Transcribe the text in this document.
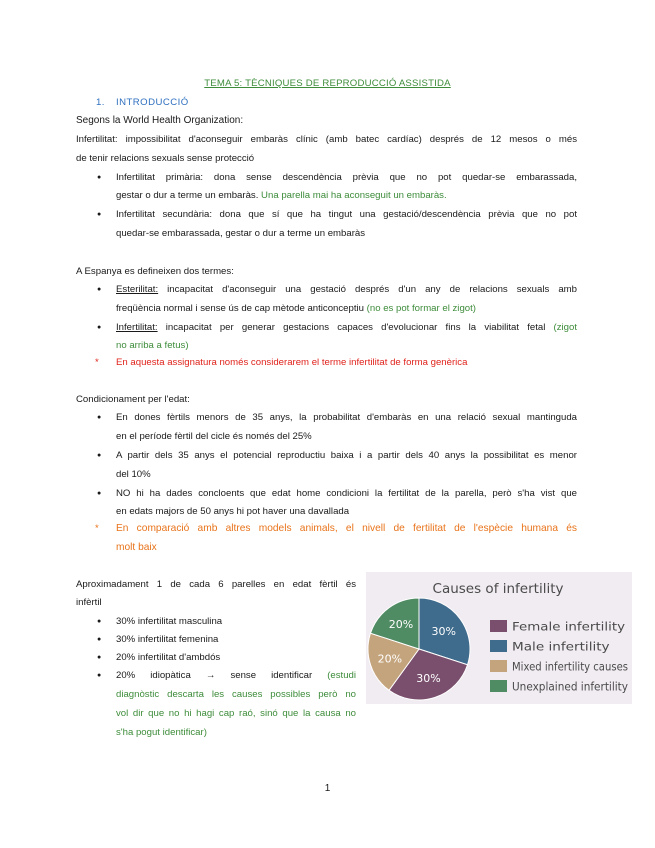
TEMA 5: TÈCNIQUES DE REPRODUCCIÓ ASSISTIDA
1. INTRODUCCIÓ
Segons la World Health Organization:
Infertilitat: impossibilitat d'aconseguir embaràs clínic (amb batec cardíac) després de 12 mesos o més
de tenir relacions sexuals sense protecció
● Infertilitat primària: dona sense descendència prèvia que no pot quedar-se embarassada,
gestar o dur a terme un embaràs. Una parella mai ha aconseguit un embaràs.
● Infertilitat secundària: dona que sí que ha tingut una gestació/descendència prèvia que no pot
quedar-se embarassada, gestar o dur a terme un embaràs
A Espanya es defineixen dos termes:
● Esterilitat: incapacitat d'aconseguir una gestació després d'un any de relacions sexuals amb
freqüència normal i sense ús de cap mètode anticonceptiu (no es pot formar el zigot)
● Infertilitat: incapacitat per generar gestacions capaces d'evolucionar fins la viabilitat fetal (zigot
no arriba a fetus)
* En aquesta assignatura només considerarem el terme infertilitat de forma genèrica
Condicionament per l'edat:
● En dones fèrtils menors de 35 anys, la probabilitat d'embaràs en una relació sexual mantinguda
en el període fèrtil del cicle és només del 25%
● A partir dels 35 anys el potencial reproductiu baixa i a partir dels 40 anys la possibilitat es menor
del 10%
● NO hi ha dades concloents que edat home condicioni la fertilitat de la parella, però s'ha vist que
en edats majors de 50 anys hi pot haver una davallada
* En comparació amb altres models animals, el nivell de fertilitat de l'espècie humana és
molt baix
Aproximadament 1 de cada 6 parelles en edat fèrtil és
infèrtil
● 30% infertilitat masculina
● 30% infertilitat femenina
● 20% infertilitat d'ambdós
● 20% idiopàtica → sense identificar (estudi
diagnòstic descarta les causes possibles però no
vol dir que no hi hagi cap raó, sinó que la causa no
s'ha pogut identificar)
Causes of infertility
30%
30%
20%
20%	Female infertility
Male infertility
Mixed infertility causes
Unexplained infertility
1
